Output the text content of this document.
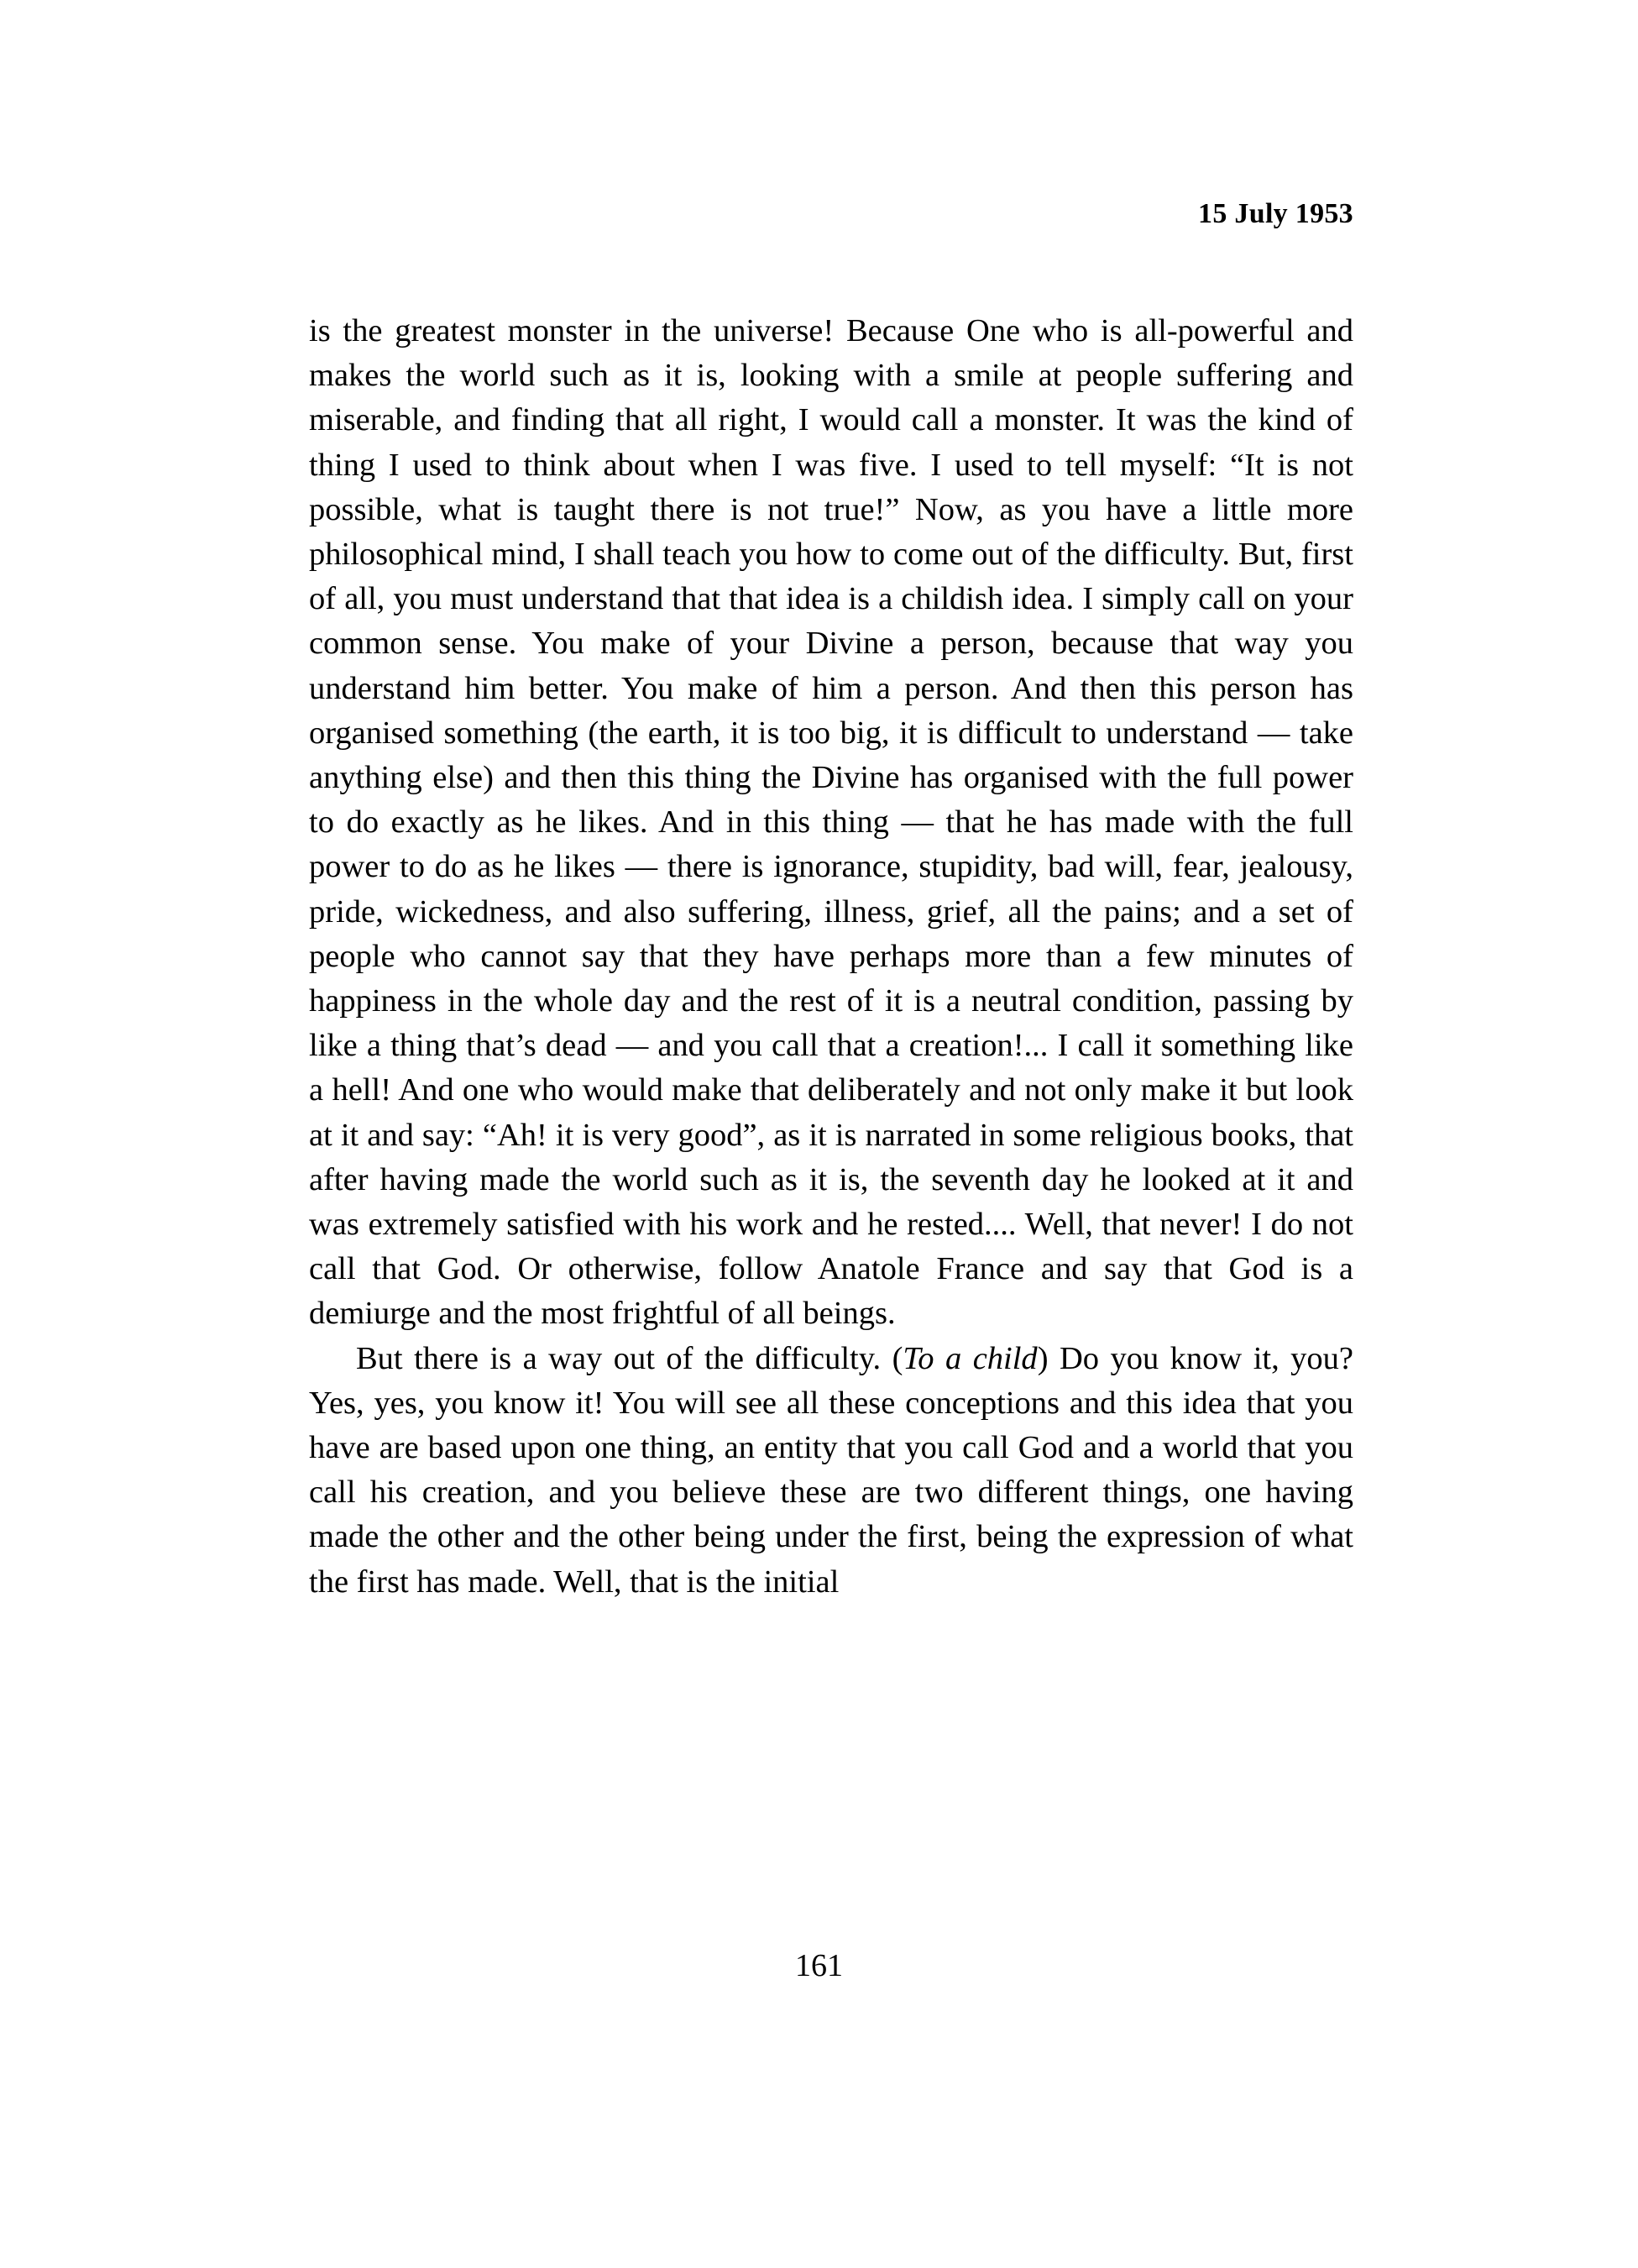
15 July 1953

is the greatest monster in the universe! Because One who is all-powerful and makes the world such as it is, looking with a smile at people suffering and miserable, and finding that all right, I would call a monster. It was the kind of thing I used to think about when I was five. I used to tell myself: “It is not possible, what is taught there is not true!” Now, as you have a little more philosophical mind, I shall teach you how to come out of the difficulty. But, first of all, you must understand that that idea is a childish idea. I simply call on your common sense. You make of your Divine a person, because that way you understand him better. You make of him a person. And then this person has organised something (the earth, it is too big, it is difficult to understand — take anything else) and then this thing the Divine has organised with the full power to do exactly as he likes. And in this thing — that he has made with the full power to do as he likes — there is ignorance, stupidity, bad will, fear, jealousy, pride, wickedness, and also suffering, illness, grief, all the pains; and a set of people who cannot say that they have perhaps more than a few minutes of happiness in the whole day and the rest of it is a neutral condition, passing by like a thing that’s dead — and you call that a creation!... I call it something like a hell! And one who would make that deliberately and not only make it but look at it and say: “Ah! it is very good”, as it is narrated in some religious books, that after having made the world such as it is, the seventh day he looked at it and was extremely satisfied with his work and he rested.... Well, that never! I do not call that God. Or otherwise, follow Anatole France and say that God is a demiurge and the most frightful of all beings.

But there is a way out of the difficulty. (To a child) Do you know it, you? Yes, yes, you know it! You will see all these conceptions and this idea that you have are based upon one thing, an entity that you call God and a world that you call his creation, and you believe these are two different things, one having made the other and the other being under the first, being the expression of what the first has made. Well, that is the initial

161
